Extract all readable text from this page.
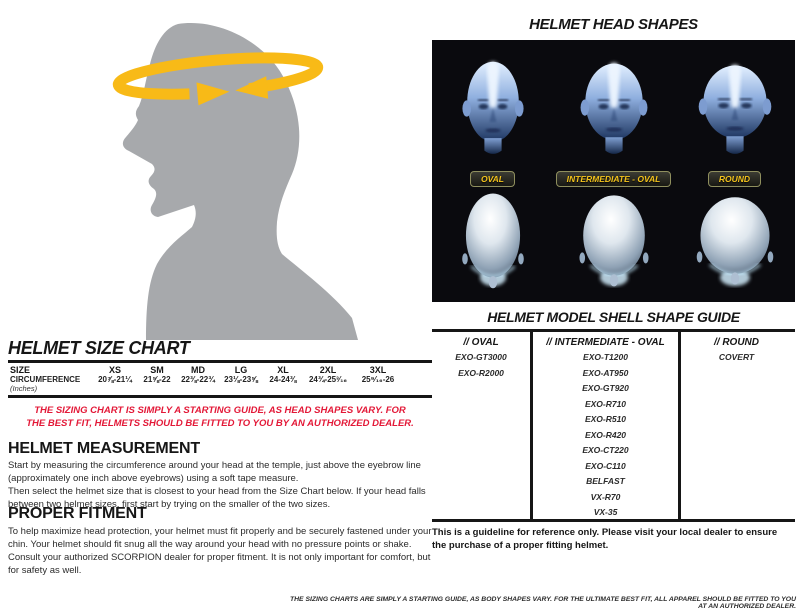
HELMET SIZE CHART
SIZE	XS	SM	MD	LG	XL	2XL	3XL
CIRCUMFERENCE
(Inches)
20⅞-21¼	21⅝-22	22⅜-22¾	23⅛-23⅝	24-24⅜	24¾-25³⁄₁₆	25⁹⁄₁₆-26
THE SIZING CHART IS SIMPLY A STARTING GUIDE, AS HEAD SHAPES VARY. FOR THE BEST FIT, HELMETS SHOULD BE FITTED TO YOU BY AN AUTHORIZED DEALER.
HELMET MEASUREMENT
Start by measuring the circumference around your head at the temple, just above the eyebrow line (approximately one inch above eyebrows) using a soft tape measure.
Then select the helmet size that is closest to your head from the Size Chart below. If your head falls between two helmet sizes, first start by trying on the smaller of the two sizes.
PROPER FITMENT
To help maximize head protection, your helmet must fit properly and be securely fastened under your chin. Your helmet should fit snug all the way around your head with no pressure points or shake. Consult your authorized SCORPION dealer for proper fitment. It is not only important for comfort, but for safety as well.
HELMET HEAD SHAPES
OVAL	INTERMEDIATE - OVAL	ROUND
HELMET MODEL SHELL SHAPE GUIDE
// OVAL
EXO-GT3000
EXO-R2000
// INTERMEDIATE - OVAL
EXO-T1200
EXO-AT950
EXO-GT920
EXO-R710
EXO-R510
EXO-R420
EXO-CT220
EXO-C110
BELFAST
VX-R70
VX-35
// ROUND
COVERT
This is a guideline for reference only. Please visit your local dealer to ensure the purchase of a proper fitting helmet.
THE SIZING CHARTS ARE SIMPLY A STARTING GUIDE, AS BODY SHAPES VARY. FOR THE ULTIMATE BEST FIT, ALL APPAREL SHOULD BE FITTED TO YOU AT AN AUTHORIZED DEALER.
